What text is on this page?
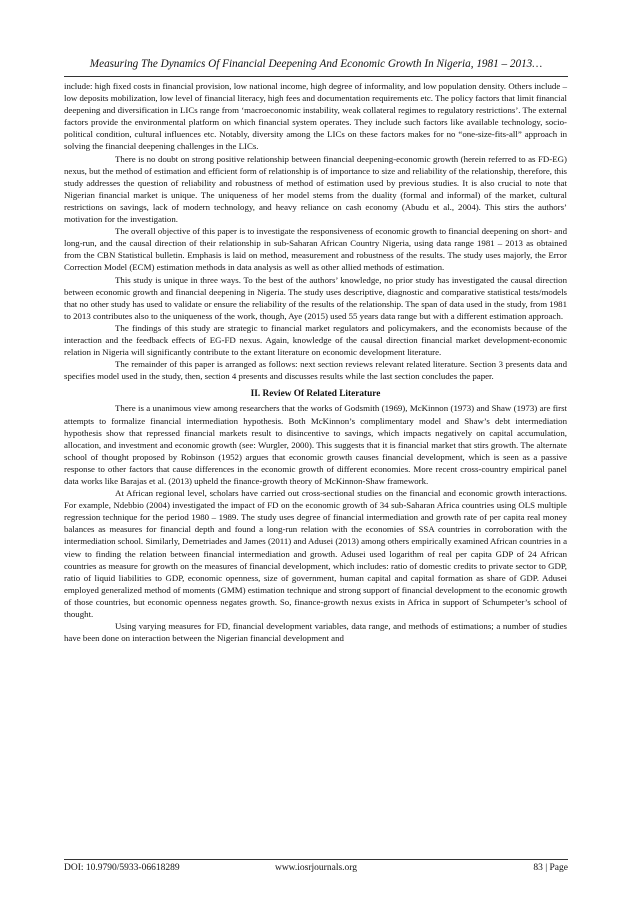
Measuring The Dynamics Of Financial Deepening And Economic Growth In Nigeria, 1981 – 2013…

include: high fixed costs in financial provision, low national income, high degree of informality, and low population density. Others include – low deposits mobilization, low level of financial literacy, high fees and documentation requirements etc. The policy factors that limit financial deepening and diversification in LICs range from ‘macroeconomic instability, weak collateral regimes to regulatory restrictions’. The external factors provide the environmental platform on which financial system operates. They include such factors like available technology, socio-political condition, cultural influences etc. Notably, diversity among the LICs on these factors makes for no “one-size-fits-all” approach in solving the financial deepening challenges in the LICs.

There is no doubt on strong positive relationship between financial deepening-economic growth (herein referred to as FD-EG) nexus, but the method of estimation and efficient form of relationship is of importance to size and reliability of the relationship, therefore, this study addresses the question of reliability and robustness of method of estimation used by previous studies. It is also crucial to note that Nigerian financial market is unique. The uniqueness of her model stems from the duality (formal and informal) of the market, cultural restrictions on savings, lack of modern technology, and heavy reliance on cash economy (Abudu et al., 2004). This stirs the authors’ motivation for the investigation.

The overall objective of this paper is to investigate the responsiveness of economic growth to financial deepening on short- and long-run, and the causal direction of their relationship in sub-Saharan African Country Nigeria, using data range 1981 – 2013 as obtained from the CBN Statistical bulletin. Emphasis is laid on method, measurement and robustness of the results. The study uses majorly, the Error Correction Model (ECM) estimation methods in data analysis as well as other allied methods of estimation.

This study is unique in three ways. To the best of the authors’ knowledge, no prior study has investigated the causal direction between economic growth and financial deepening in Nigeria. The study uses descriptive, diagnostic and comparative statistical tests/models that no other study has used to validate or ensure the reliability of the results of the relationship. The span of data used in the study, from 1981 to 2013 contributes also to the uniqueness of the work, though, Aye (2015) used 55 years data range but with a different estimation approach.

The findings of this study are strategic to financial market regulators and policymakers, and the economists because of the interaction and the feedback effects of EG-FD nexus. Again, knowledge of the causal direction financial market development-economic relation in Nigeria will significantly contribute to the extant literature on economic development literature.

The remainder of this paper is arranged as follows: next section reviews relevant related literature. Section 3 presents data and specifies model used in the study, then, section 4 presents and discusses results while the last section concludes the paper.

II. Review Of Related Literature

There is a unanimous view among researchers that the works of Godsmith (1969), McKinnon (1973) and Shaw (1973) are first attempts to formalize financial intermediation hypothesis. Both McKinnon’s complimentary model and Shaw’s debt intermediation hypothesis show that repressed financial markets result to disincentive to savings, which impacts negatively on capital accumulation, allocation, and investment and economic growth (see: Wurgler, 2000). This suggests that it is financial market that stirs growth. The alternate school of thought proposed by Robinson (1952) argues that economic growth causes financial development, which is seen as a passive response to other factors that cause differences in the economic growth of different economies. More recent cross-country empirical panel data works like Barajas et al. (2013) upheld the finance-growth theory of McKinnon-Shaw framework.

At African regional level, scholars have carried out cross-sectional studies on the financial and economic growth interactions. For example, Ndebbio (2004) investigated the impact of FD on the economic growth of 34 sub-Saharan Africa countries using OLS multiple regression technique for the period 1980 – 1989. The study uses degree of financial intermediation and growth rate of per capita real money balances as measures for financial depth and found a long-run relation with the economies of SSA countries in corroboration with the intermediation school. Similarly, Demetriades and James (2011) and Adusei (2013) among others empirically examined African countries in a view to finding the relation between financial intermediation and growth. Adusei used logarithm of real per capita GDP of 24 African countries as measure for growth on the measures of financial development, which includes: ratio of domestic credits to private sector to GDP, ratio of liquid liabilities to GDP, economic openness, size of government, human capital and capital formation as share of GDP. Adusei employed generalized method of moments (GMM) estimation technique and strong support of financial development to the economic growth of those countries, but economic openness negates growth. So, finance-growth nexus exists in Africa in support of Schumpeter’s school of thought.

Using varying measures for FD, financial development variables, data range, and methods of estimations; a number of studies have been done on interaction between the Nigerian financial development and

DOI: 10.9790/5933-06618289	www.iosrjournals.org	83 | Page
